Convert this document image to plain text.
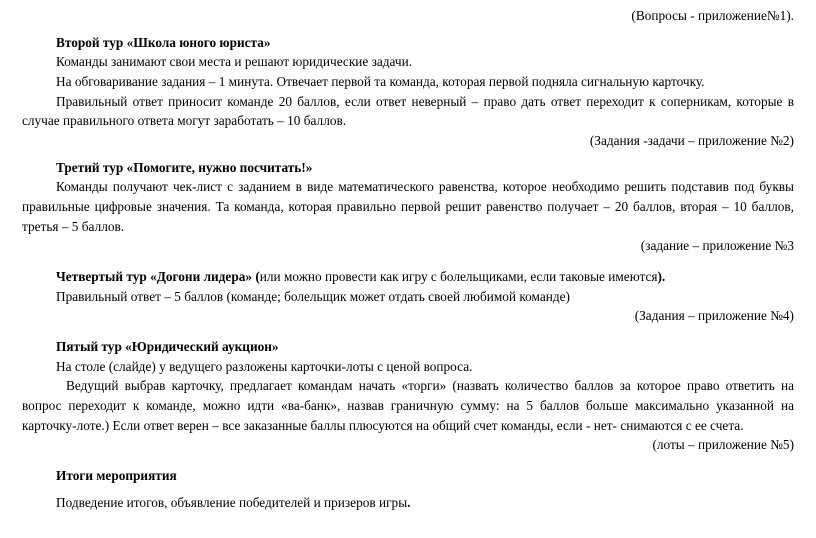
(Вопросы - приложение№1).

Второй тур «Школа юного юриста»

Команды занимают свои места и решают юридические задачи.

На обговаривание задания – 1 минута. Отвечает первой та команда, которая первой подняла сигнальную карточку.

Правильный ответ приносит команде 20 баллов, если ответ неверный – право дать ответ переходит к соперникам, которые в случае правильного ответа могут заработать – 10 баллов.

(Задания -задачи – приложение №2)

Третий тур «Помогите, нужно посчитать!»

Команды получают чек-лист с заданием в виде математического равенства, которое необходимо решить подставив под буквы правильные цифровые значения. Та команда, которая правильно первой решит равенство получает – 20 баллов, вторая – 10 баллов, третья – 5 баллов.

(задание – приложение №3

Четвертый тур «Догони лидера» (или можно провести как игру с болельщиками, если таковые имеются).

Правильный ответ – 5 баллов (команде; болельщик может отдать своей любимой команде)

(Задания – приложение №4)

Пятый тур «Юридический аукцион»

На столе (слайде) у ведущего разложены карточки-лоты с ценой вопроса.

Ведущий выбрав карточку, предлагает командам начать «торги» (назвать количество баллов за которое право ответить на вопрос переходит к команде, можно идти «ва-банк», назвав граничную сумму: на 5 баллов больше максимально указанной на карточку-лоте.) Если ответ верен – все заказанные баллы плюсуются на общий счет команды, если - нет- снимаются с ее счета.

(лоты – приложение №5)

Итоги мероприятия

Подведение итогов, объявление победителей и призеров игры.
